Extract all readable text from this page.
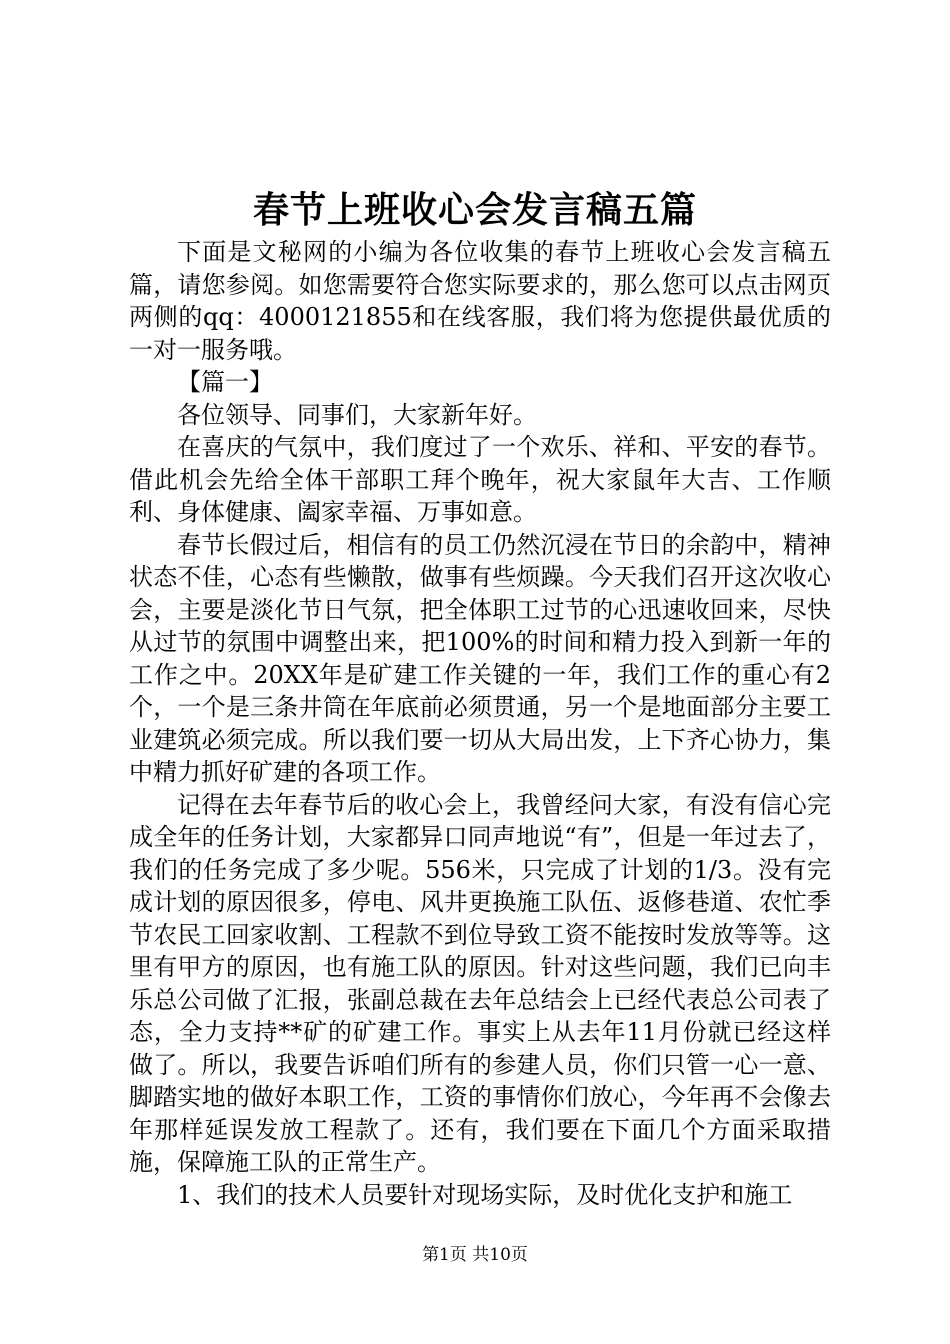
春节上班收心会发言稿五篇

下面是文秘网的小编为各位收集的春节上班收心会发言稿五篇，请您参阅。如您需要符合您实际要求的，那么您可以点击网页两侧的qq：4000121855和在线客服，我们将为您提供最优质的一对一服务哦。

【篇一】

各位领导、同事们，大家新年好。

在喜庆的气氛中，我们度过了一个欢乐、祥和、平安的春节。借此机会先给全体干部职工拜个晚年，祝大家鼠年大吉、工作顺利、身体健康、阖家幸福、万事如意。

春节长假过后，相信有的员工仍然沉浸在节日的余韵中，精神状态不佳，心态有些懒散，做事有些烦躁。今天我们召开这次收心会，主要是淡化节日气氛，把全体职工过节的心迅速收回来，尽快从过节的氛围中调整出来，把100%的时间和精力投入到新一年的工作之中。20XX年是矿建工作关键的一年，我们工作的重心有2个，一个是三条井筒在年底前必须贯通，另一个是地面部分主要工业建筑必须完成。所以我们要一切从大局出发，上下齐心协力，集中精力抓好矿建的各项工作。

记得在去年春节后的收心会上，我曾经问大家，有没有信心完成全年的任务计划，大家都异口同声地说“有”，但是一年过去了，我们的任务完成了多少呢。556米，只完成了计划的1/3。没有完成计划的原因很多，停电、风井更换施工队伍、返修巷道、农忙季节农民工回家收割、工程款不到位导致工资不能按时发放等等。这里有甲方的原因，也有施工队的原因。针对这些问题，我们已向丰乐总公司做了汇报，张副总裁在去年总结会上已经代表总公司表了态，全力支持**矿的矿建工作。事实上从去年11月份就已经这样做了。所以，我要告诉咱们所有的参建人员，你们只管一心一意、脚踏实地的做好本职工作，工资的事情你们放心，今年再不会像去年那样延误发放工程款了。还有，我们要在下面几个方面采取措施，保障施工队的正常生产。

1、我们的技术人员要针对现场实际，及时优化支护和施工

第1页 共10页
